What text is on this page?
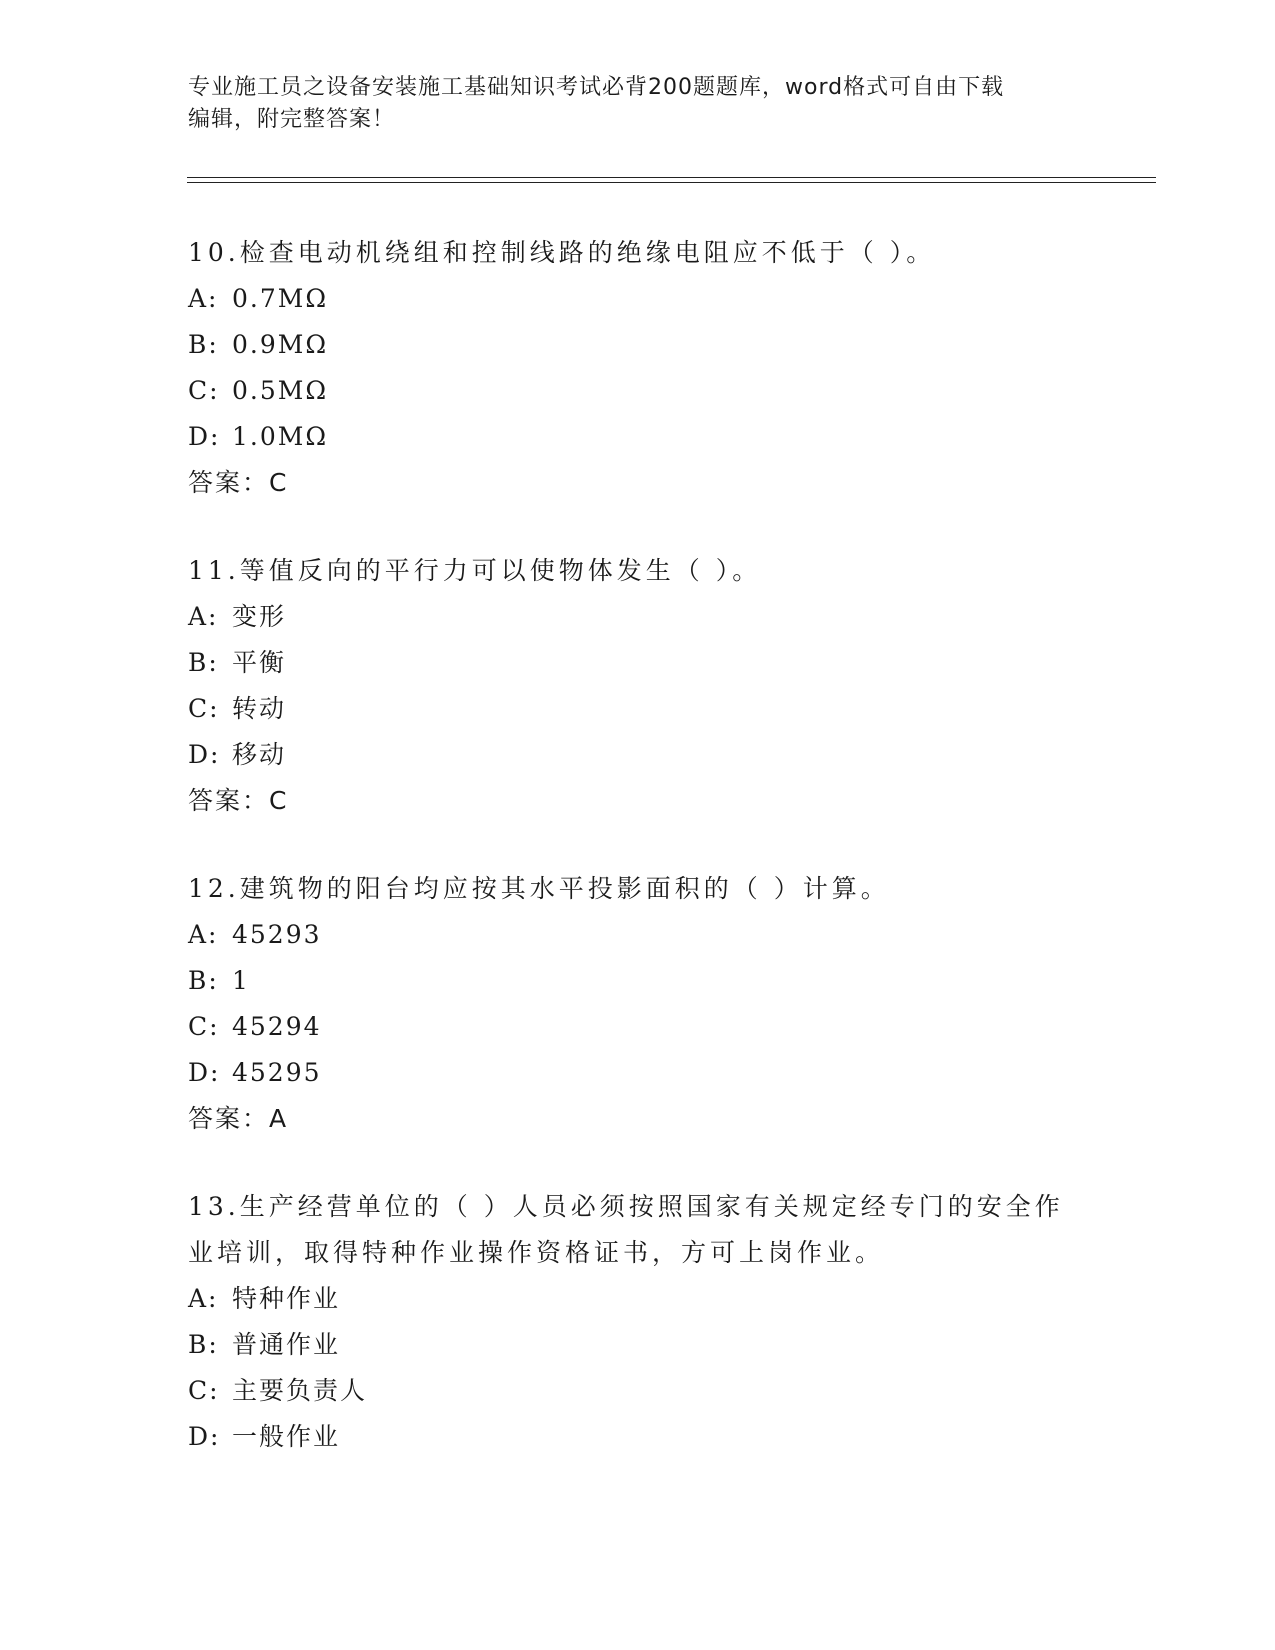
专业施工员之设备安装施工基础知识考试必背200题题库，word格式可自由下载
编辑，附完整答案！

10.检查电动机绕组和控制线路的绝缘电阻应不低于（ ）。

A: 0.7MΩ

B: 0.9MΩ

C: 0.5MΩ

D: 1.0MΩ

答案：C

11.等值反向的平行力可以使物体发生（ ）。

A: 变形

B: 平衡

C: 转动

D: 移动

答案：C

12.建筑物的阳台均应按其水平投影面积的（ ）计算。

A: 45293

B: 1

C: 45294

D: 45295

答案：A

13.生产经营单位的（ ）人员必须按照国家有关规定经专门的安全作业培训，取得特种作业操作资格证书，方可上岗作业。

A: 特种作业

B: 普通作业

C: 主要负责人

D: 一般作业
